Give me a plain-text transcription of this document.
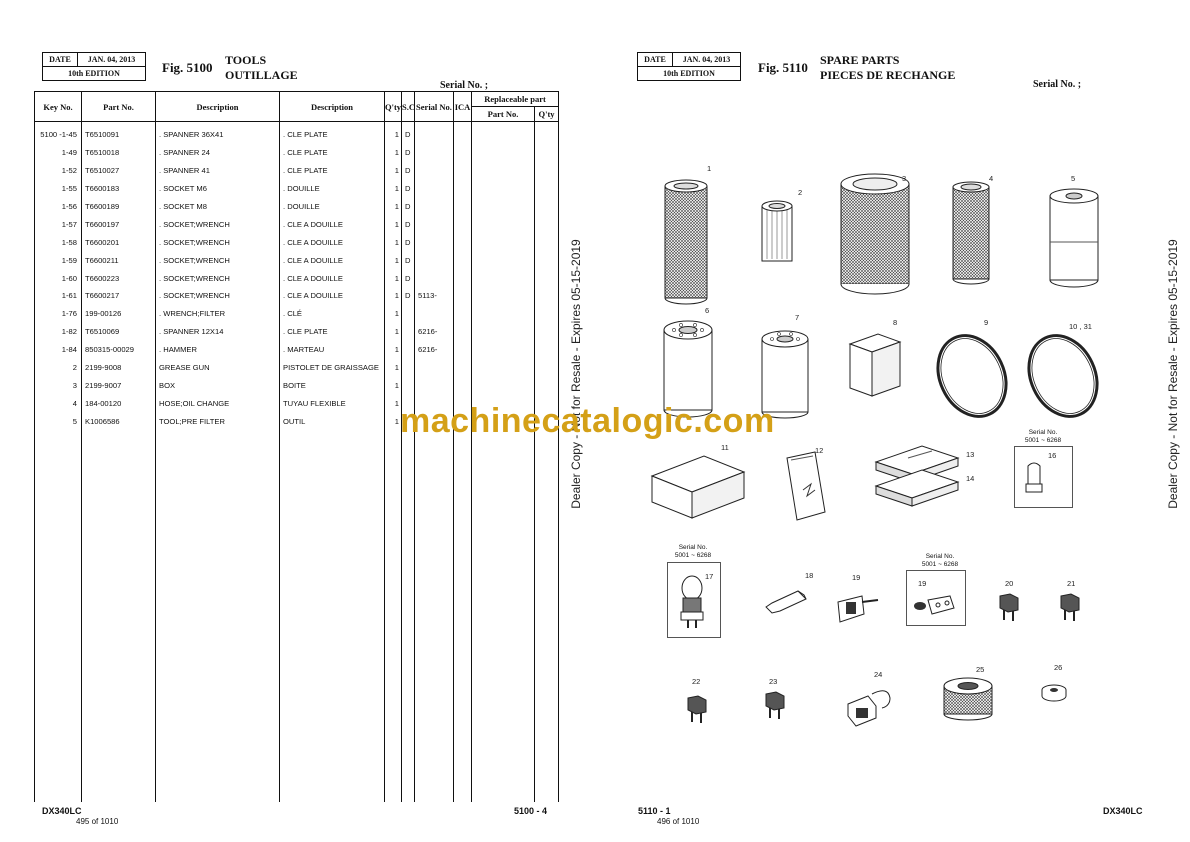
DATE	JAN. 04, 2013
10th EDITION	Fig. 5100 TOOLS
OUTILLAGE
Serial No. ;
Key No.	Part No.	Description	Description	Q'ty	S.C	Serial No.	ICA	Replaceable part	
								Part No.	Q'ty
5100 -1-45	T6510091	. SPANNER 36X41	. CLE PLATE	1	D				
1-49	T6510018	. SPANNER 24	. CLE PLATE	1	D				
1-52	T6510027	. SPANNER 41	. CLE PLATE	1	D				
1-55	T6600183	. SOCKET M6	. DOUILLE	1	D				
1-56	T6600189	. SOCKET M8	. DOUILLE	1	D				
1-57	T6600197	. SOCKET;WRENCH	. CLE A DOUILLE	1	D				
1-58	T6600201	. SOCKET;WRENCH	. CLE A DOUILLE	1	D				
1-59	T6600211	. SOCKET;WRENCH	. CLE A DOUILLE	1	D				
1-60	T6600223	. SOCKET;WRENCH	. CLE A DOUILLE	1	D				
1-61	T6600217	. SOCKET;WRENCH	. CLE A DOUILLE	1	D	5113-			
1-76	199-00126	. WRENCH;FILTER	. CLÉ	1					
1-82	T6510069	. SPANNER 12X14	. CLE PLATE	1		6216-			
1-84	850315-00029	. HAMMER	. MARTEAU	1		6216-			
2	2199-9008	GREASE GUN	PISTOLET DE GRAISSAGE	1					
3	2199-9007	BOX	BOITE	1					
4	184-00120	HOSE;OIL CHANGE	TUYAU FLEXIBLE	1					
5	K1006586	TOOL;PRE FILTER	OUTIL	1					

DX340LC	5100 - 4
495 of 1010
Dealer Copy - Not for Resale - Expires 05-15-2019
DATE	JAN. 04, 2013
10th EDITION	Fig. 5110 SPARE PARTS
PIECES DE RECHANGE
Serial No. ;
Dealer Copy - Not for Resale - Expires 05-15-2019
Serial No.
5001 ~ 6268
Serial No.
5001 ~ 6268	Serial No.
5001 ~ 6268
1
2
3	4	5
6
7
8	9	10 , 31
11	12	13
14
16
17	18	19
19	20	21
22	23
24
25	26
5110 - 1	DX340LC
496 of 1010
machinecatalogic.com
